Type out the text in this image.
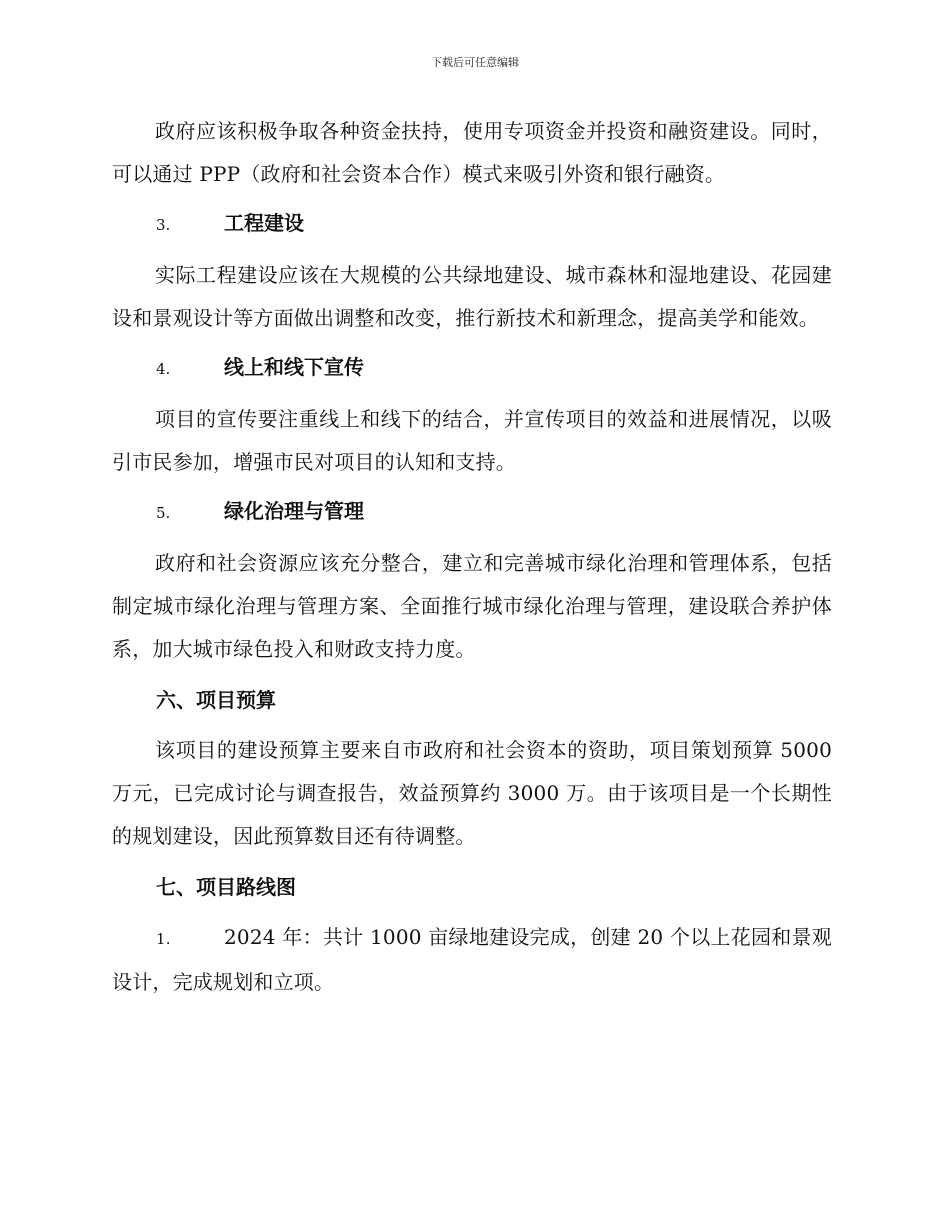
下载后可任意编辑

政府应该积极争取各种资金扶持，使用专项资金并投资和融资建设。同时，可以通过 PPP（政府和社会资本合作）模式来吸引外资和银行融资。

3.	工程建设

实际工程建设应该在大规模的公共绿地建设、城市森林和湿地建设、花园建设和景观设计等方面做出调整和改变，推行新技术和新理念，提高美学和能效。

4.	线上和线下宣传

项目的宣传要注重线上和线下的结合，并宣传项目的效益和进展情况，以吸引市民参加，增强市民对项目的认知和支持。

5.	绿化治理与管理

政府和社会资源应该充分整合，建立和完善城市绿化治理和管理体系，包括制定城市绿化治理与管理方案、全面推行城市绿化治理与管理，建设联合养护体系，加大城市绿色投入和财政支持力度。

六、项目预算

该项目的建设预算主要来自市政府和社会资本的资助，项目策划预算 5000 万元，已完成讨论与调查报告，效益预算约 3000 万。由于该项目是一个长期性的规划建设，因此预算数目还有待调整。

七、项目路线图

1.	2024 年：共计 1000 亩绿地建设完成，创建 20 个以上花园和景观设计，完成规划和立项。
